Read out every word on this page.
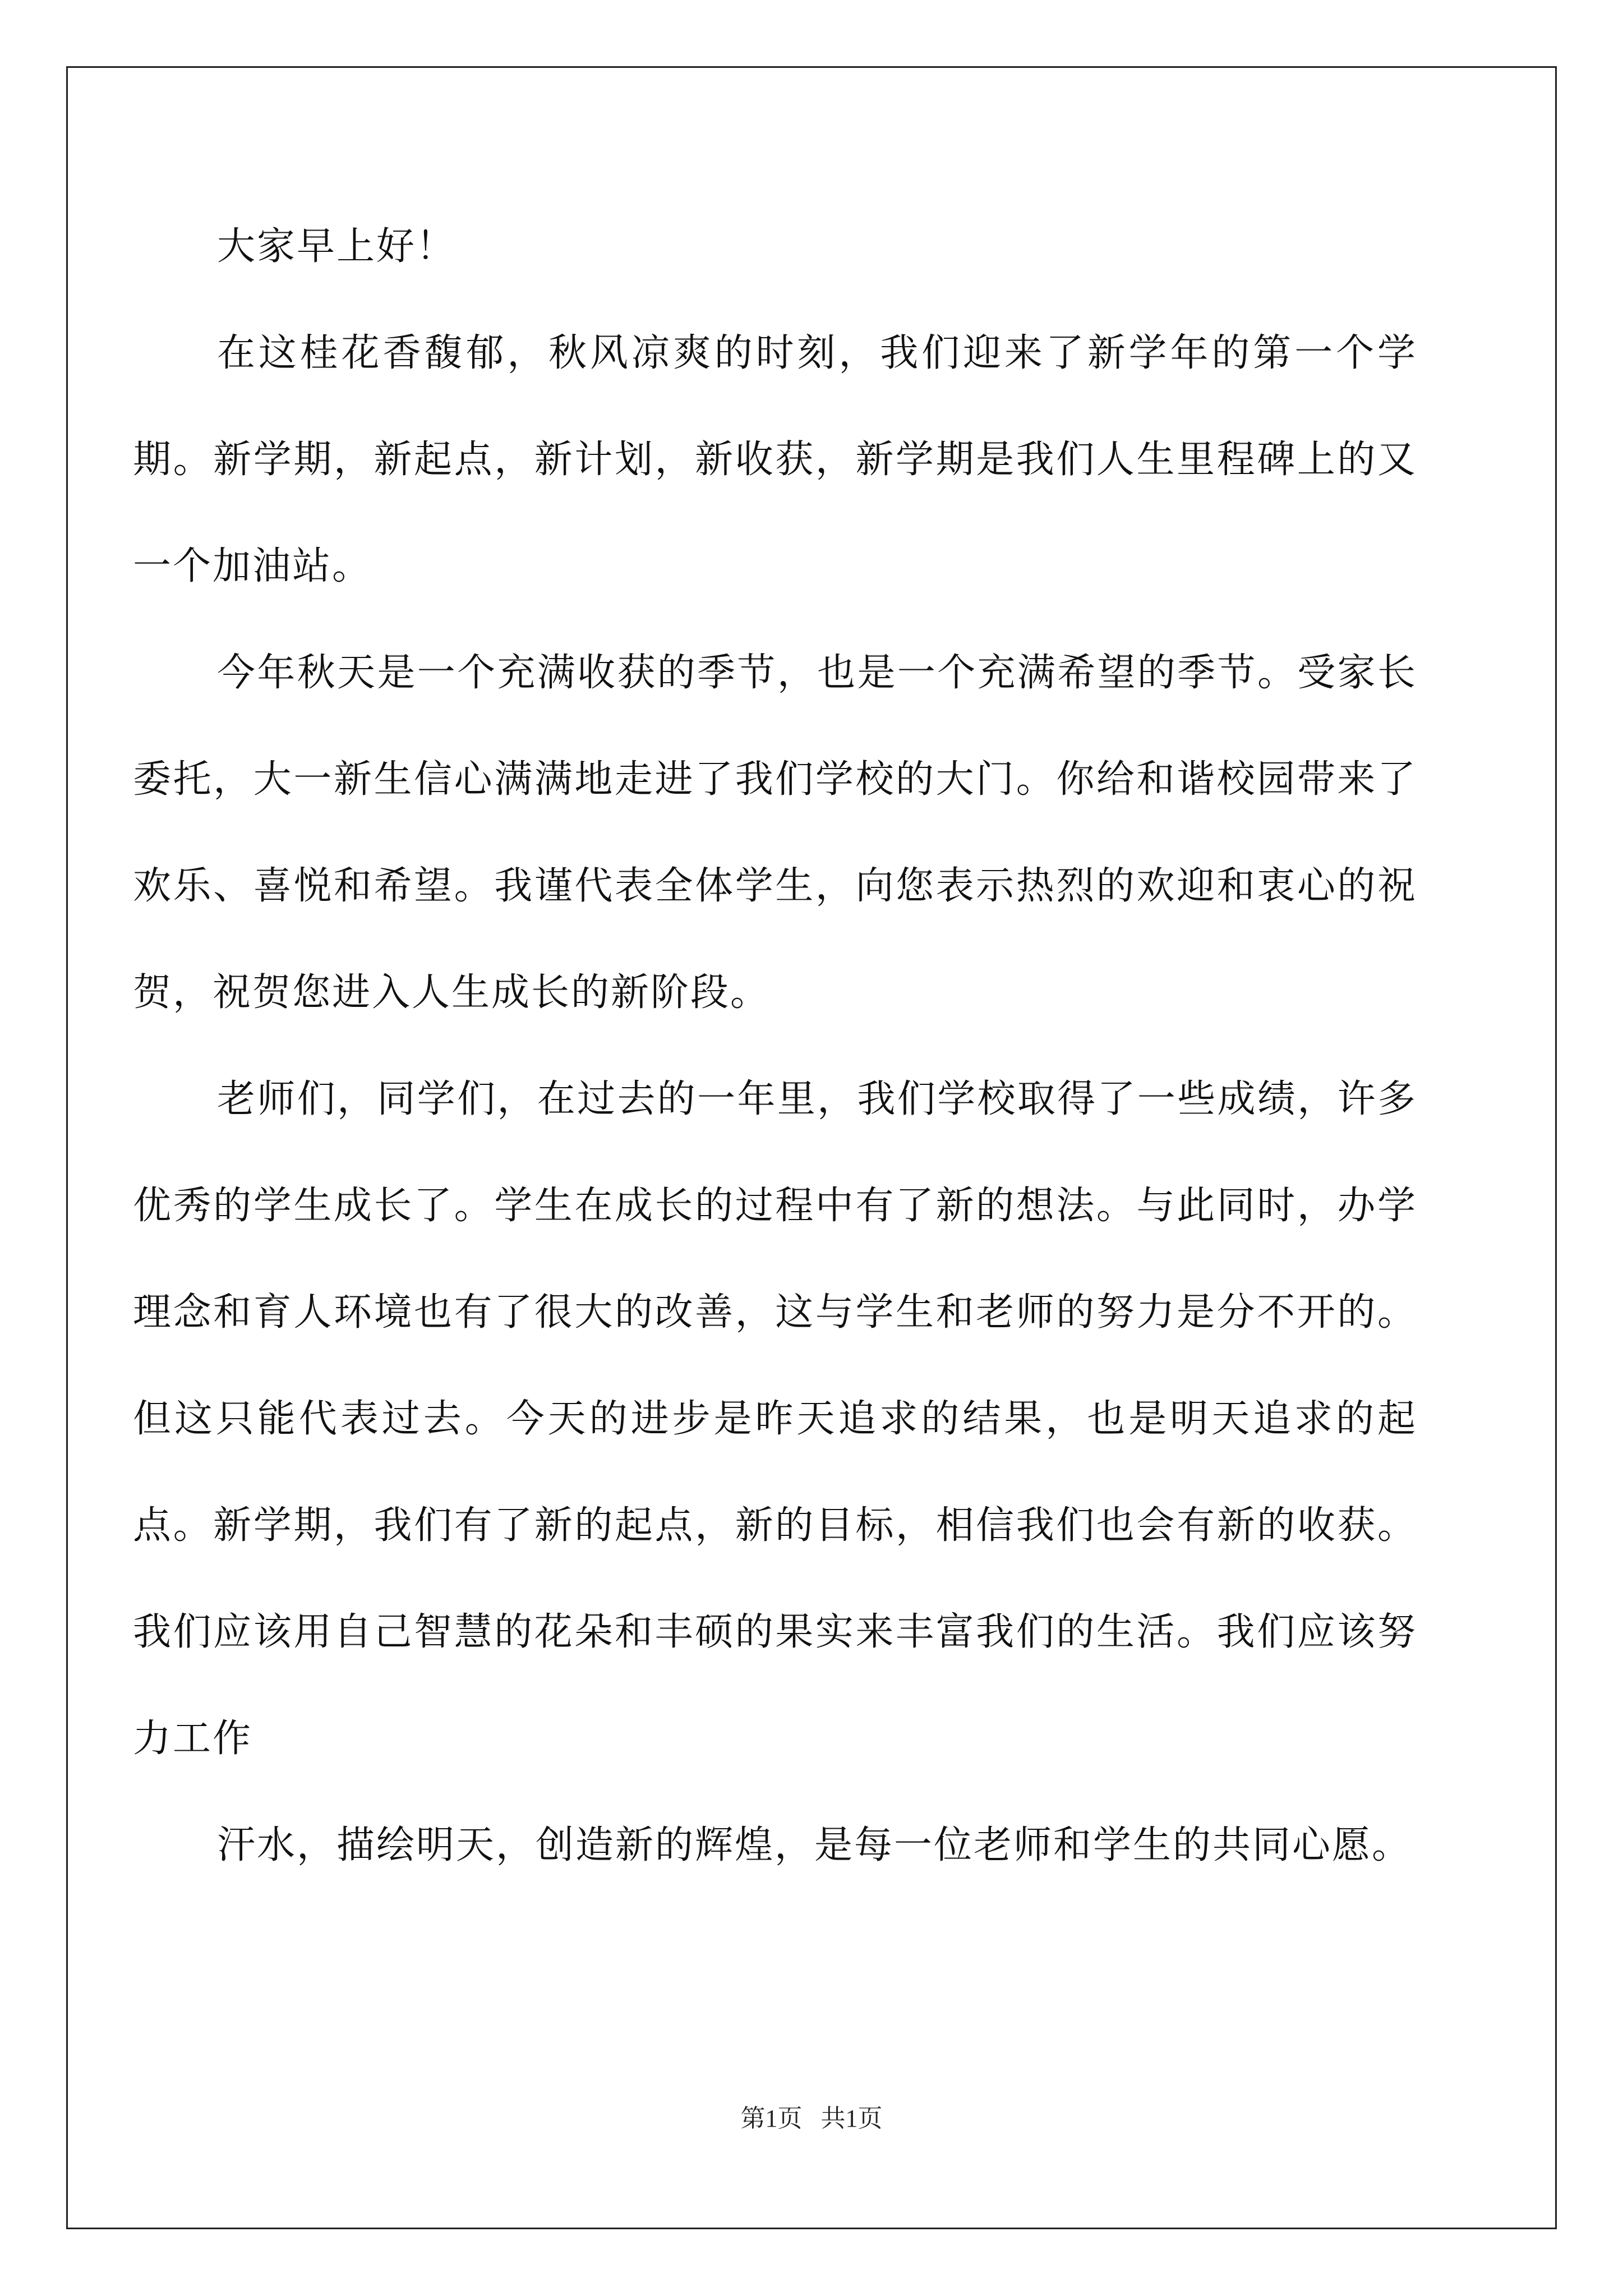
大家早上好！

在这桂花香馥郁，秋风凉爽的时刻，我们迎来了新学年的第一个学期。新学期，新起点，新计划，新收获，新学期是我们人生里程碑上的又一个加油站。

今年秋天是一个充满收获的季节，也是一个充满希望的季节。受家长委托，大一新生信心满满地走进了我们学校的大门。你给和谐校园带来了欢乐、喜悦和希望。我谨代表全体学生，向您表示热烈的欢迎和衷心的祝贺，祝贺您进入人生成长的新阶段。

老师们，同学们，在过去的一年里，我们学校取得了一些成绩，许多优秀的学生成长了。学生在成长的过程中有了新的想法。与此同时，办学理念和育人环境也有了很大的改善，这与学生和老师的努力是分不开的。但这只能代表过去。今天的进步是昨天追求的结果，也是明天追求的起点。新学期，我们有了新的起点，新的目标，相信我们也会有新的收获。我们应该用自己智慧的花朵和丰硕的果实来丰富我们的生活。我们应该努力工作

汗水，描绘明天，创造新的辉煌，是每一位老师和学生的共同心愿。

第1页 共1页
